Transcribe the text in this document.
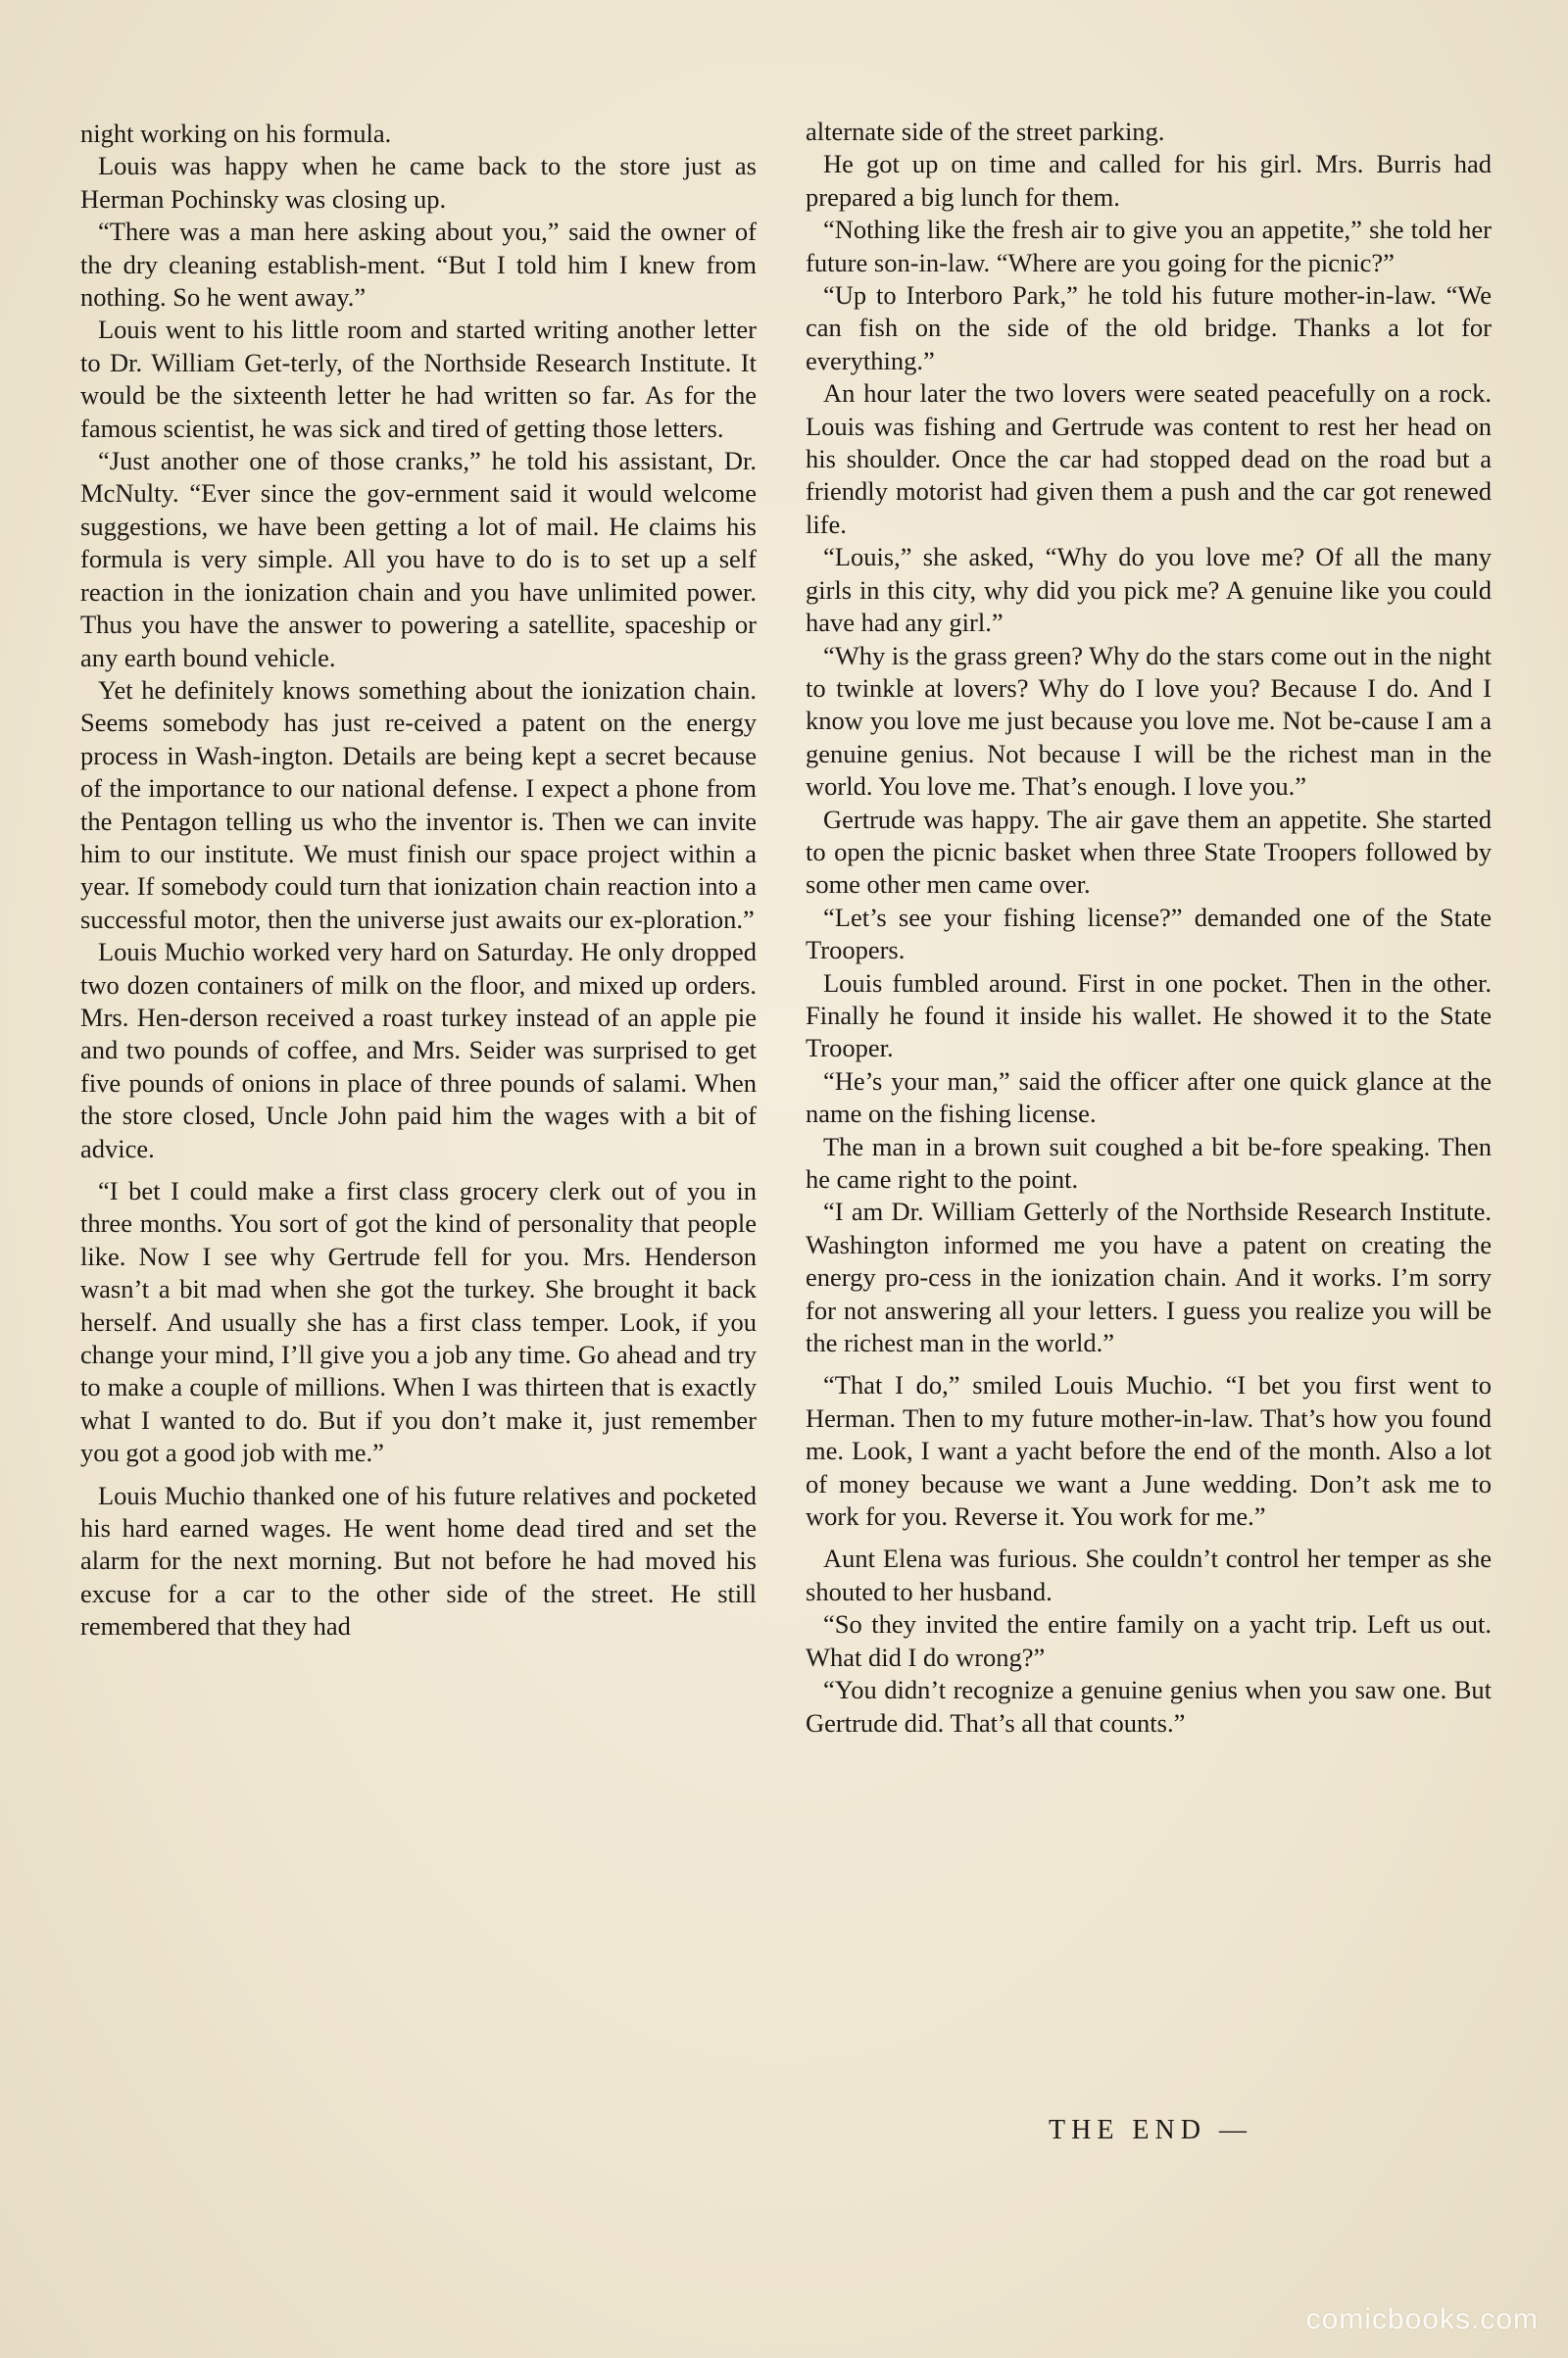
night working on his formula.

Louis was happy when he came back to the store just as Herman Pochinsky was closing up.

“There was a man here asking about you,” said the owner of the dry cleaning establish-ment. “But I told him I knew from nothing. So he went away.”

Louis went to his little room and started writing another letter to Dr. William Get-terly, of the Northside Research Institute. It would be the sixteenth letter he had written so far. As for the famous scientist, he was sick and tired of getting those letters.

“Just another one of those cranks,” he told his assistant, Dr. McNulty. “Ever since the gov-ernment said it would welcome suggestions, we have been getting a lot of mail. He claims his formula is very simple. All you have to do is to set up a self reaction in the ionization chain and you have unlimited power. Thus you have the answer to powering a satellite, spaceship or any earth bound vehicle.

Yet he definitely knows something about the ionization chain. Seems somebody has just re-ceived a patent on the energy process in Wash-ington. Details are being kept a secret because of the importance to our national defense. I expect a phone from the Pentagon telling us who the inventor is. Then we can invite him to our institute. We must finish our space project within a year. If somebody could turn that ionization chain reaction into a successful motor, then the universe just awaits our ex-ploration.”

Louis Muchio worked very hard on Saturday. He only dropped two dozen containers of milk on the floor, and mixed up orders. Mrs. Hen-derson received a roast turkey instead of an apple pie and two pounds of coffee, and Mrs. Seider was surprised to get five pounds of onions in place of three pounds of salami. When the store closed, Uncle John paid him the wages with a bit of advice.

“I bet I could make a first class grocery clerk out of you in three months. You sort of got the kind of personality that people like. Now I see why Gertrude fell for you. Mrs. Henderson wasn’t a bit mad when she got the turkey. She brought it back herself. And usually she has a first class temper. Look, if you change your mind, I’ll give you a job any time. Go ahead and try to make a couple of millions. When I was thirteen that is exactly what I wanted to do. But if you don’t make it, just remember you got a good job with me.”

Louis Muchio thanked one of his future relatives and pocketed his hard earned wages. He went home dead tired and set the alarm for the next morning. But not before he had moved his excuse for a car to the other side of the street. He still remembered that they had

alternate side of the street parking.

He got up on time and called for his girl. Mrs. Burris had prepared a big lunch for them.

“Nothing like the fresh air to give you an appetite,” she told her future son-in-law. “Where are you going for the picnic?”

“Up to Interboro Park,” he told his future mother-in-law. “We can fish on the side of the old bridge. Thanks a lot for everything.”

An hour later the two lovers were seated peacefully on a rock. Louis was fishing and Gertrude was content to rest her head on his shoulder. Once the car had stopped dead on the road but a friendly motorist had given them a push and the car got renewed life.

“Louis,” she asked, “Why do you love me? Of all the many girls in this city, why did you pick me? A genuine like you could have had any girl.”

“Why is the grass green? Why do the stars come out in the night to twinkle at lovers? Why do I love you? Because I do. And I know you love me just because you love me. Not be-cause I am a genuine genius. Not because I will be the richest man in the world. You love me. That’s enough. I love you.”

Gertrude was happy. The air gave them an appetite. She started to open the picnic basket when three State Troopers followed by some other men came over.

“Let’s see your fishing license?” demanded one of the State Troopers.

Louis fumbled around. First in one pocket. Then in the other. Finally he found it inside his wallet. He showed it to the State Trooper.

“He’s your man,” said the officer after one quick glance at the name on the fishing license.

The man in a brown suit coughed a bit be-fore speaking. Then he came right to the point.

“I am Dr. William Getterly of the Northside Research Institute. Washington informed me you have a patent on creating the energy pro-cess in the ionization chain. And it works. I’m sorry for not answering all your letters. I guess you realize you will be the richest man in the world.”

“That I do,” smiled Louis Muchio. “I bet you first went to Herman. Then to my future mother-in-law. That’s how you found me. Look, I want a yacht before the end of the month. Also a lot of money because we want a June wedding. Don’t ask me to work for you. Reverse it. You work for me.”

Aunt Elena was furious. She couldn’t control her temper as she shouted to her husband.

“So they invited the entire family on a yacht trip. Left us out. What did I do wrong?”

“You didn’t recognize a genuine genius when you saw one. But Gertrude did. That’s all that counts.”

THE END —
comicbooks.com
